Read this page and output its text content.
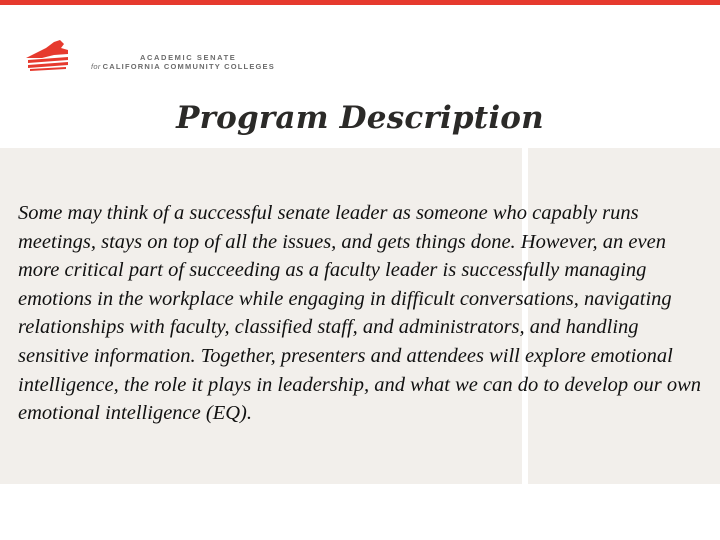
ACADEMIC SENATE
for CALIFORNIA COMMUNITY COLLEGES
Program Description
Some may think of a successful senate leader as someone who capably runs meetings, stays on top of all the issues, and gets things done. However, an even more critical part of succeeding as a faculty leader is successfully managing emotions in the workplace while engaging in difficult conversations, navigating relationships with faculty, classified staff, and administrators, and handling sensitive information. Together, presenters and attendees will explore emotional intelligence, the role it plays in leadership, and what we can do to develop our own emotional intelligence (EQ).
